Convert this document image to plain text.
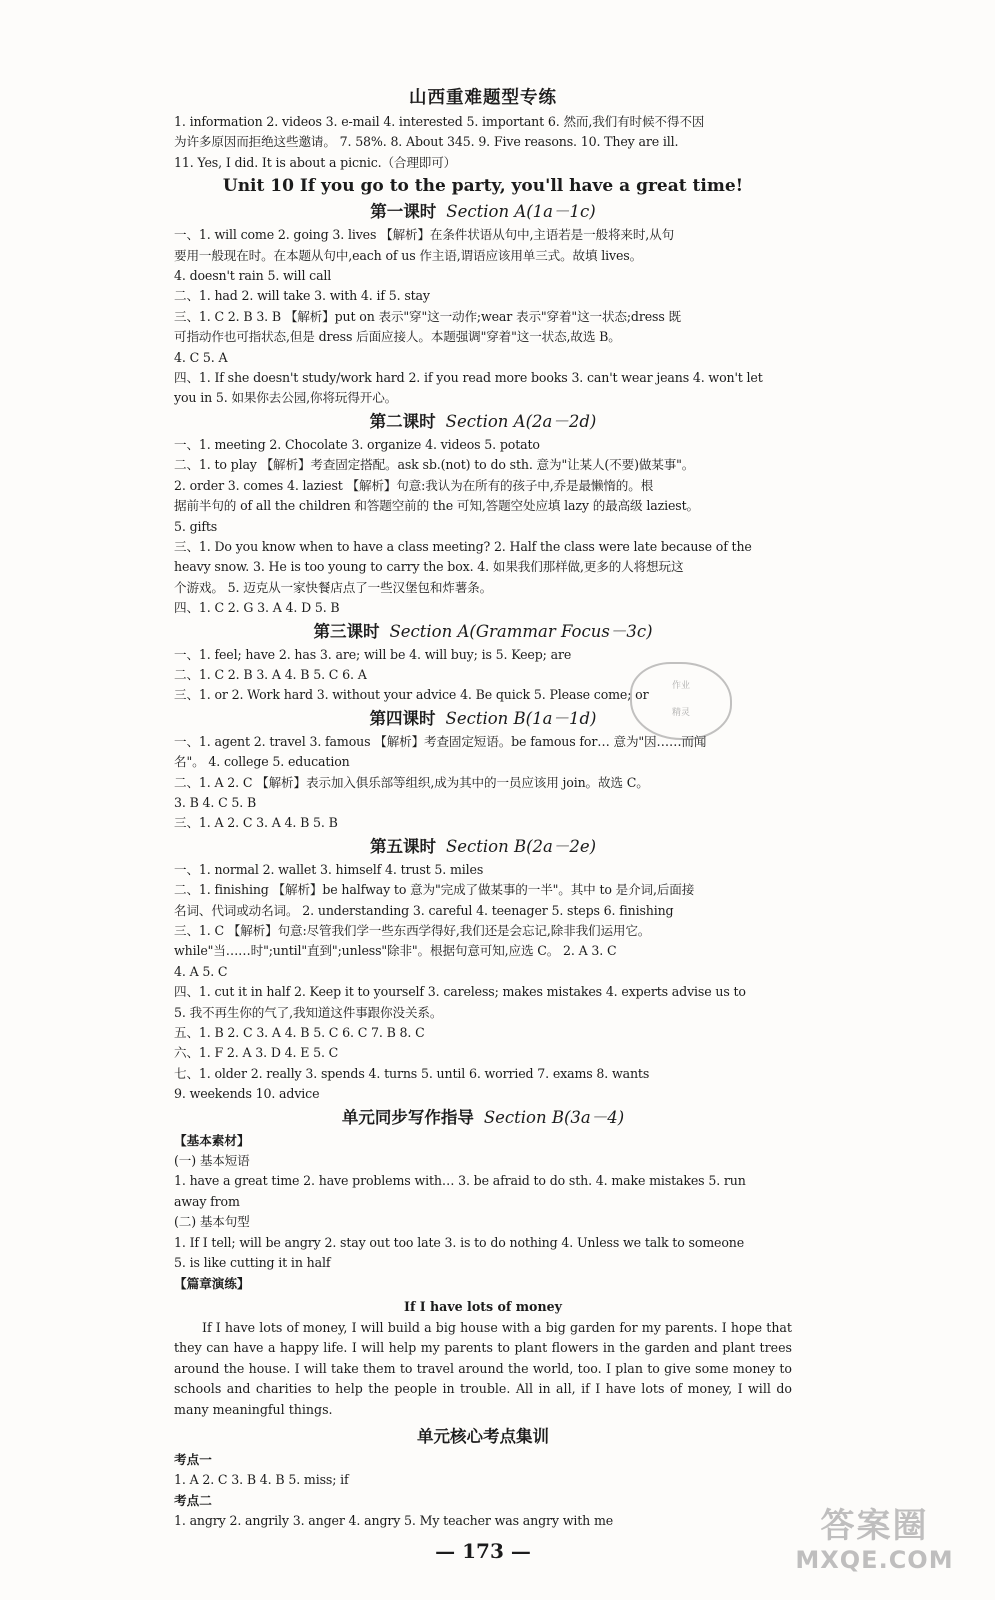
山西重难题型专练
1. information 2. videos 3. e-mail 4. interested 5. important 6. 然而,我们有时候不得不因
为许多原因而拒绝这些邀请。 7. 58%. 8. About 345. 9. Five reasons. 10. They are ill.
11. Yes, I did. It is about a picnic.（合理即可）
Unit 10 If you go to the party, you'll have a great time!
第一课时 Section A(1a－1c)
一、1. will come 2. going 3. lives 【解析】在条件状语从句中,主语若是一般将来时,从句
要用一般现在时。在本题从句中,each of us 作主语,谓语应该用单三式。故填 lives。
4. doesn't rain 5. will call
二、1. had 2. will take 3. with 4. if 5. stay
三、1. C 2. B 3. B 【解析】put on 表示"穿"这一动作;wear 表示"穿着"这一状态;dress 既
可指动作也可指状态,但是 dress 后面应接人。本题强调"穿着"这一状态,故选 B。
4. C 5. A
四、1. If she doesn't study/work hard 2. if you read more books 3. can't wear jeans 4. won't let
you in 5. 如果你去公园,你将玩得开心。
第二课时 Section A(2a－2d)
一、1. meeting 2. Chocolate 3. organize 4. videos 5. potato
二、1. to play 【解析】考查固定搭配。ask sb.(not) to do sth. 意为"让某人(不要)做某事"。
2. order 3. comes 4. laziest 【解析】句意:我认为在所有的孩子中,乔是最懒惰的。根
据前半句的 of all the children 和答题空前的 the 可知,答题空处应填 lazy 的最高级 laziest。
5. gifts
三、1. Do you know when to have a class meeting? 2. Half the class were late because of the
heavy snow. 3. He is too young to carry the box. 4. 如果我们那样做,更多的人将想玩这
个游戏。 5. 迈克从一家快餐店点了一些汉堡包和炸薯条。
四、1. C 2. G 3. A 4. D 5. B
第三课时 Section A(Grammar Focus－3c)
一、1. feel; have 2. has 3. are; will be 4. will buy; is 5. Keep; are
二、1. C 2. B 3. A 4. B 5. C 6. A
三、1. or 2. Work hard 3. without your advice 4. Be quick 5. Please come; or
第四课时 Section B(1a－1d)
一、1. agent 2. travel 3. famous 【解析】考查固定短语。be famous for… 意为"因……而闻
名"。 4. college 5. education
二、1. A 2. C 【解析】表示加入俱乐部等组织,成为其中的一员应该用 join。故选 C。
3. B 4. C 5. B
三、1. A 2. C 3. A 4. B 5. B
第五课时 Section B(2a－2e)
一、1. normal 2. wallet 3. himself 4. trust 5. miles
二、1. finishing 【解析】be halfway to 意为"完成了做某事的一半"。其中 to 是介词,后面接
名词、代词或动名词。 2. understanding 3. careful 4. teenager 5. steps 6. finishing
三、1. C 【解析】句意:尽管我们学一些东西学得好,我们还是会忘记,除非我们运用它。
while"当……时";until"直到";unless"除非"。根据句意可知,应选 C。 2. A 3. C
4. A 5. C
四、1. cut it in half 2. Keep it to yourself 3. careless; makes mistakes 4. experts advise us to
5. 我不再生你的气了,我知道这件事跟你没关系。
五、1. B 2. C 3. A 4. B 5. C 6. C 7. B 8. C
六、1. F 2. A 3. D 4. E 5. C
七、1. older 2. really 3. spends 4. turns 5. until 6. worried 7. exams 8. wants
9. weekends 10. advice
单元同步写作指导 Section B(3a－4)
【基本素材】
(一) 基本短语
1. have a great time 2. have problems with… 3. be afraid to do sth. 4. make mistakes 5. run
away from
(二) 基本句型
1. If I tell; will be angry 2. stay out too late 3. is to do nothing 4. Unless we talk to someone
5. is like cutting it in half
【篇章演练】
If I have lots of money
If I have lots of money, I will build a big house with a big garden for my parents. I hope that they can have a happy life. I will help my parents to plant flowers in the garden and plant trees around the house. I will take them to travel around the world, too. I plan to give some money to schools and charities to help the people in trouble. All in all, if I have lots of money, I will do many meaningful things.
单元核心考点集训
考点一
1. A 2. C 3. B 4. B 5. miss; if
考点二
1. angry 2. angrily 3. anger 4. angry 5. My teacher was angry with me
— 173 —
作业
精灵
答案圈
MXQE.COM
